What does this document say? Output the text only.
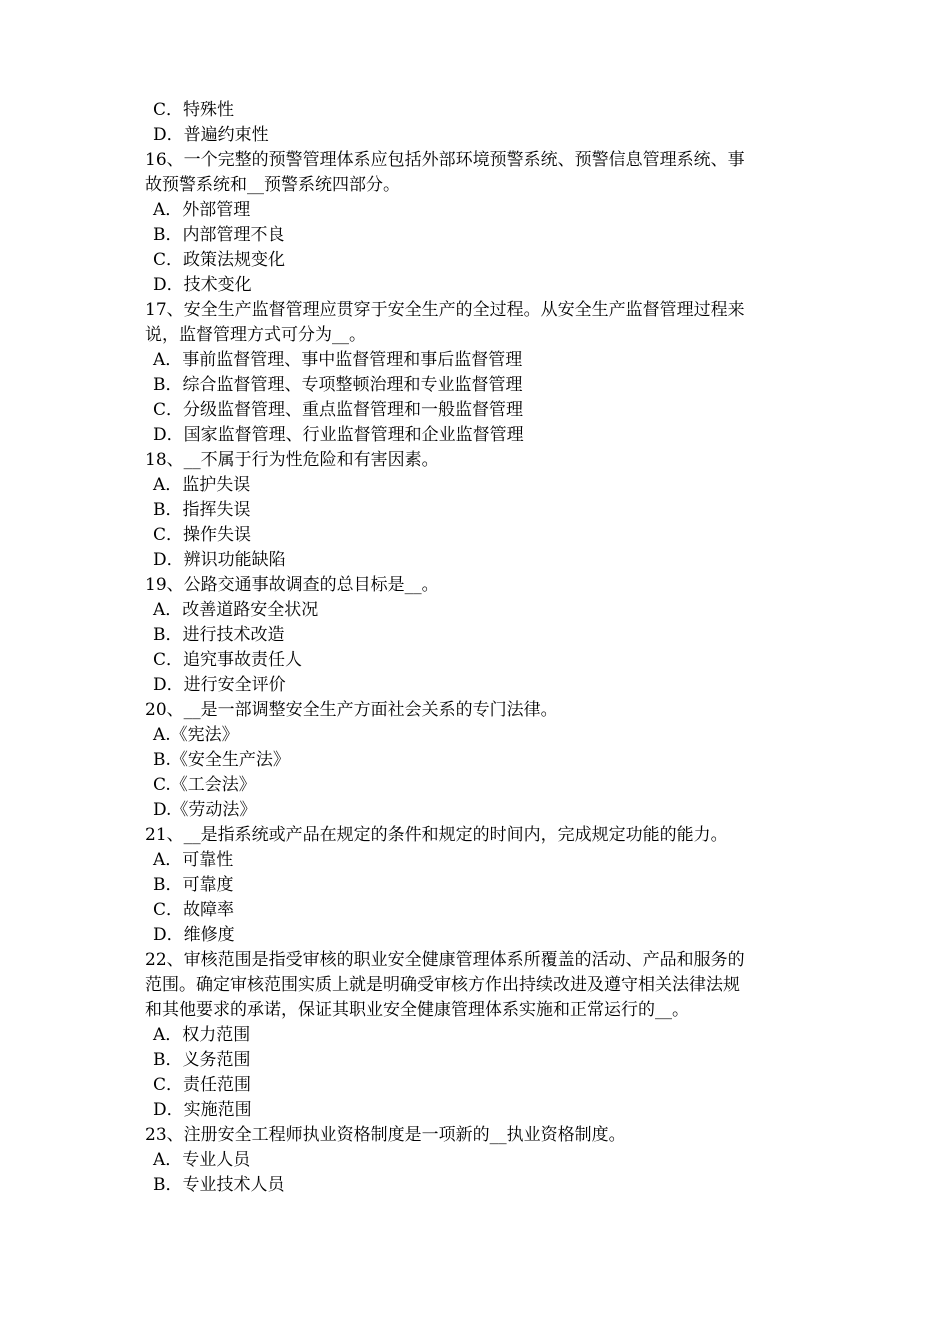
C．特殊性
D．普遍约束性
16、一个完整的预警管理体系应包括外部环境预警系统、预警信息管理系统、事
故预警系统和__预警系统四部分。
A．外部管理
B．内部管理不良
C．政策法规变化
D．技术变化
17、安全生产监督管理应贯穿于安全生产的全过程。从安全生产监督管理过程来
说，监督管理方式可分为__。
A．事前监督管理、事中监督管理和事后监督管理
B．综合监督管理、专项整顿治理和专业监督管理
C．分级监督管理、重点监督管理和一般监督管理
D．国家监督管理、行业监督管理和企业监督管理
18、__不属于行为性危险和有害因素。
A．监护失误
B．指挥失误
C．操作失误
D．辨识功能缺陷
19、公路交通事故调查的总目标是__。
A．改善道路安全状况
B．进行技术改造
C．追究事故责任人
D．进行安全评价
20、__是一部调整安全生产方面社会关系的专门法律。
A.《宪法》
B.《安全生产法》
C.《工会法》
D.《劳动法》
21、__是指系统或产品在规定的条件和规定的时间内，完成规定功能的能力。
A．可靠性
B．可靠度
C．故障率
D．维修度
22、审核范围是指受审核的职业安全健康管理体系所覆盖的活动、产品和服务的
范围。确定审核范围实质上就是明确受审核方作出持续改进及遵守相关法律法规
和其他要求的承诺，保证其职业安全健康管理体系实施和正常运行的__。
A．权力范围
B．义务范围
C．责任范围
D．实施范围
23、注册安全工程师执业资格制度是一项新的__执业资格制度。
A．专业人员
B．专业技术人员
